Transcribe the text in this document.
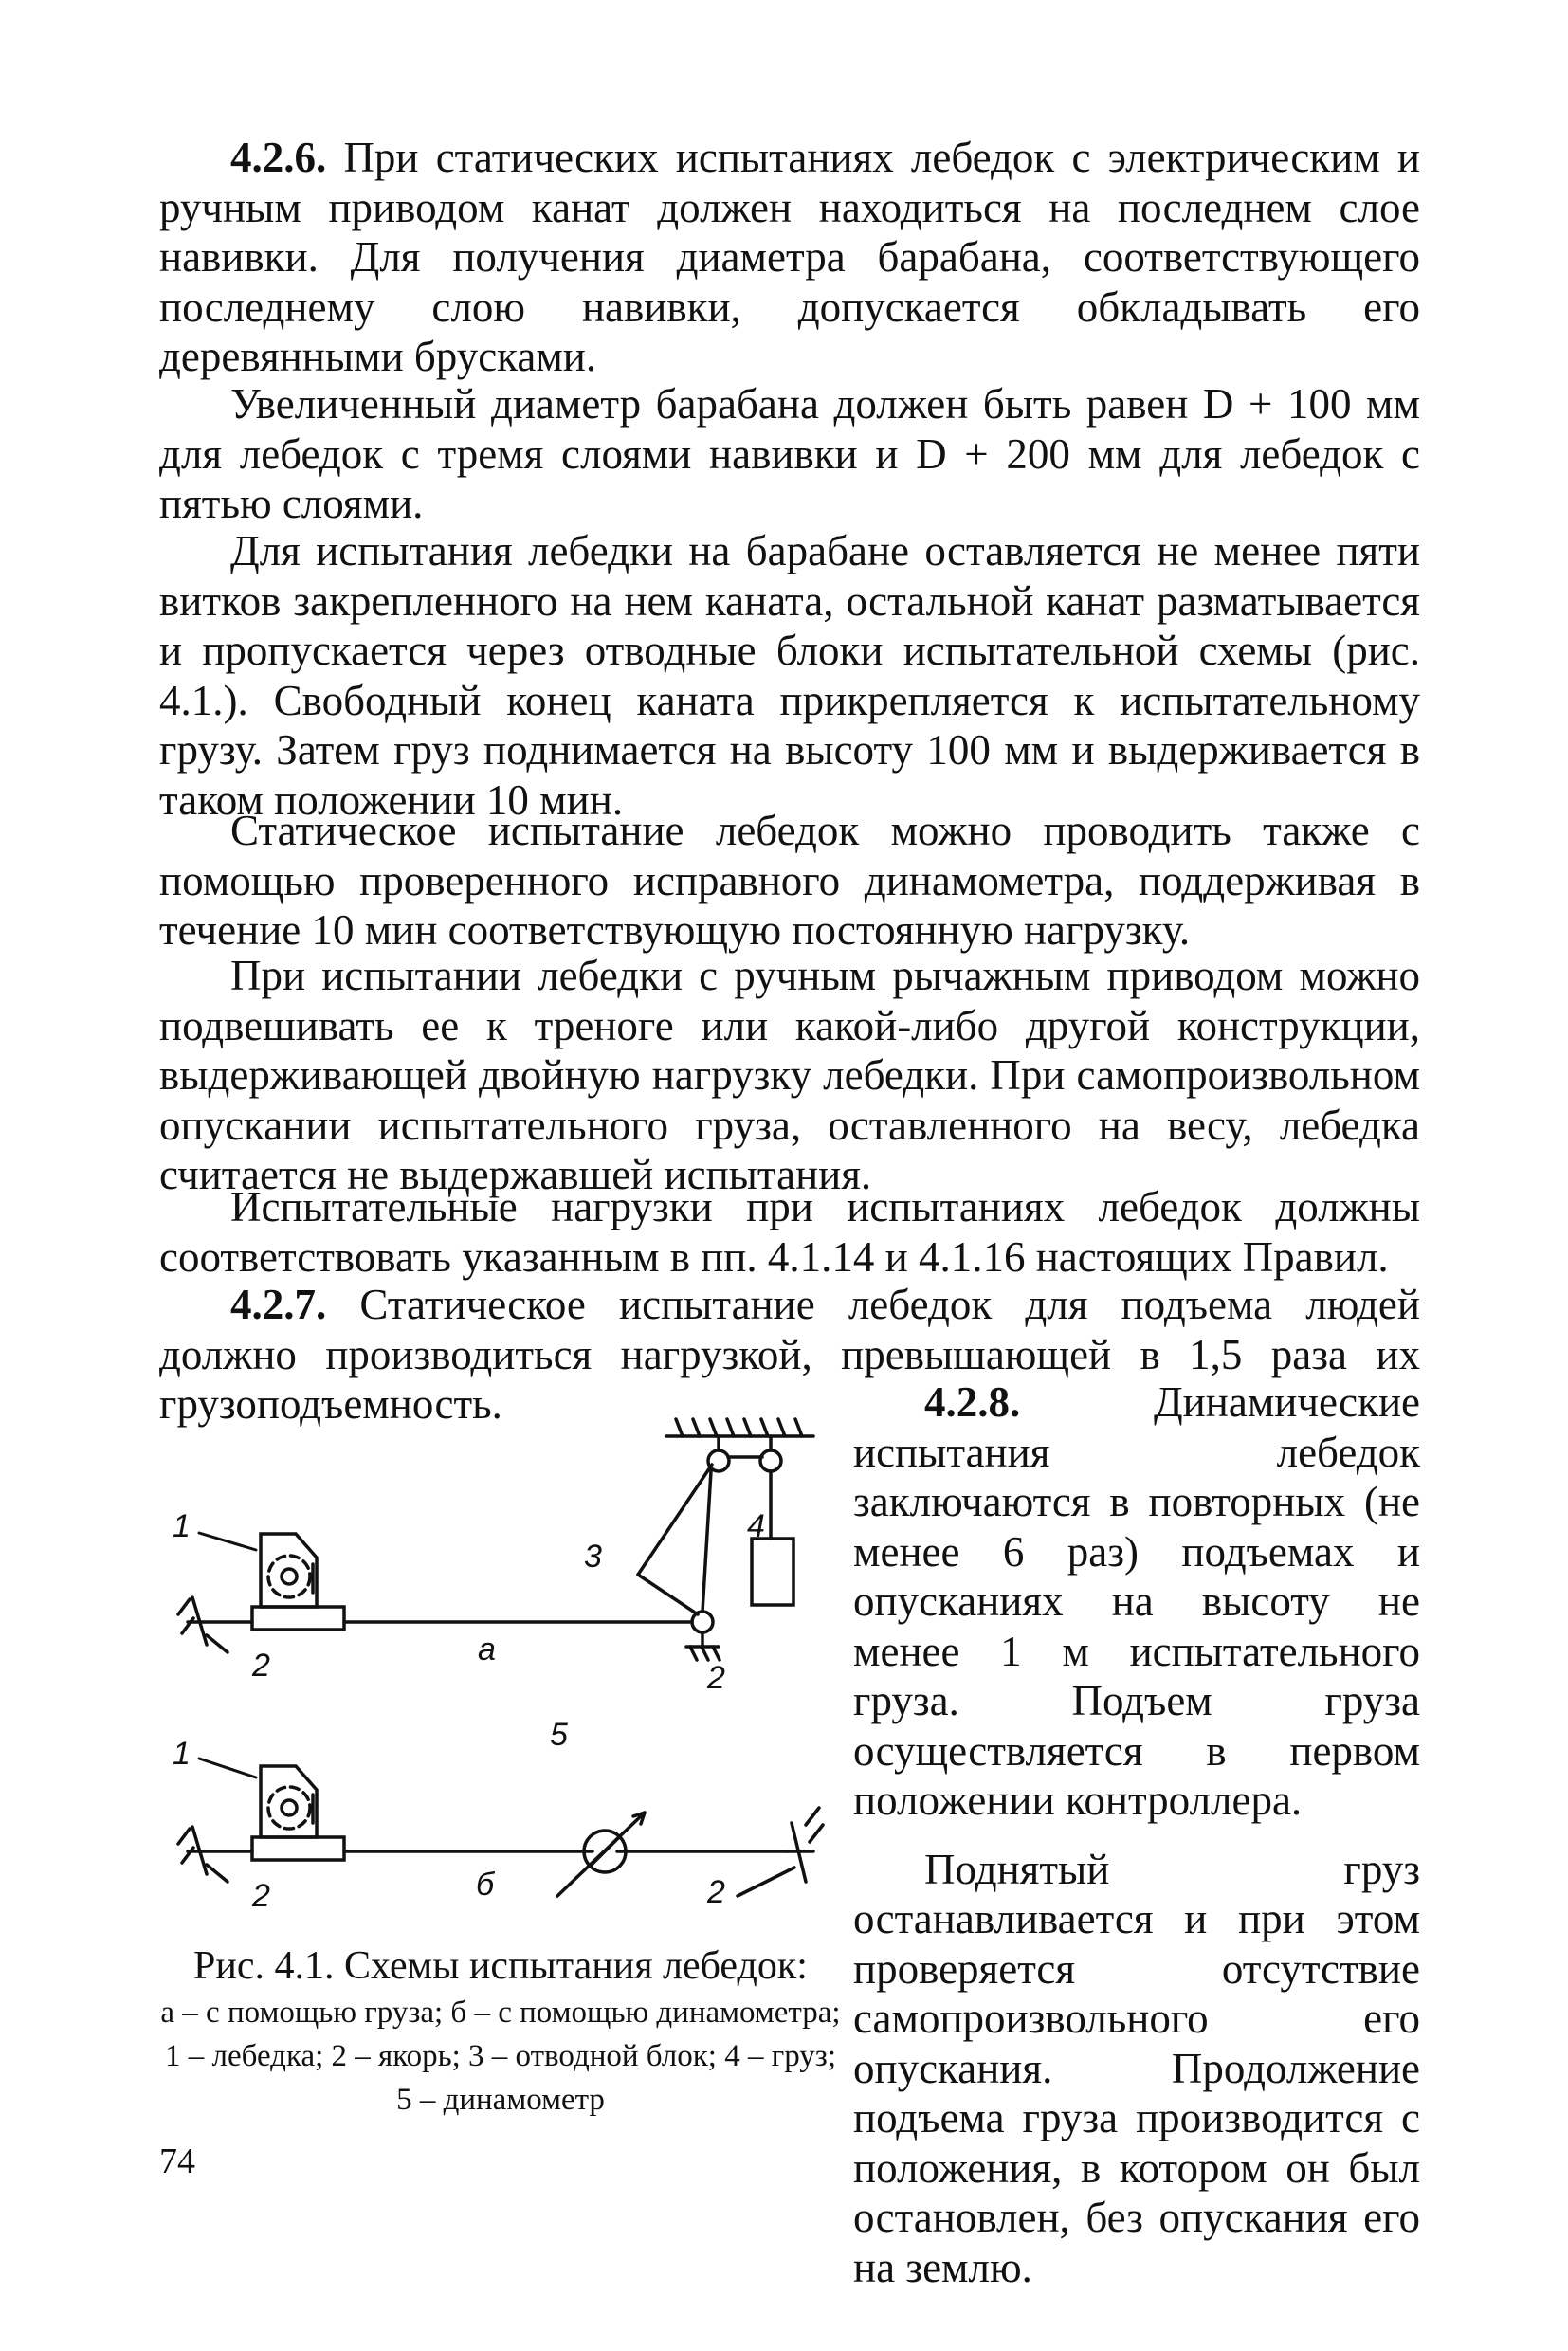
4.2.6. При статических испытаниях лебедок с электрическим и ручным приводом канат должен находиться на последнем слое навивки. Для получения диаметра барабана, соответствующего последнему слою навивки, допускается обкладывать его деревянными брусками.

Увеличенный диаметр барабана должен быть равен D + 100 мм для лебедок с тремя слоями навивки и D + 200 мм для лебедок с пятью слоями.

Для испытания лебедки на барабане оставляется не менее пяти витков закрепленного на нем каната, остальной канат разматывается и пропускается через отводные блоки испытательной схемы (рис. 4.1.). Свободный конец каната прикрепляется к испытательному грузу. Затем груз поднимается на высоту 100 мм и выдерживается в таком положении 10 мин.

Статическое испытание лебедок можно проводить также с помощью проверенного исправного динамометра, поддерживая в течение 10 мин соответствующую постоянную нагрузку.

При испытании лебедки с ручным рычажным приводом можно подвешивать ее к треноге или какой-либо другой конструкции, выдерживающей двойную нагрузку лебедки. При самопроизвольном опускании испытательного груза, оставленного на весу, лебедка считается не выдержавшей испытания.

Испытательные нагрузки при испытаниях лебедок должны соответствовать указанным в пп. 4.1.14 и 4.1.16 настоящих Правил.

4.2.7. Статическое испытание лебедок для подъема людей должно производиться нагрузкой, превышающей в 1,5 раза их грузоподъемность.

1
2	а
3
4
2
1
2
5
б	2

Рис. 4.1. Схемы испытания лебедок:
а – с помощью груза; б – с помощью динамометра; 1 – лебедка; 2 – якорь; 3 – отводной блок; 4 – груз; 5 – динамометр

4.2.8. Динамические испытания лебедок заключаются в повторных (не менее 6 раз) подъемах и опусканиях на высоту не менее 1 м испытательного груза. Подъем груза осуществляется в первом положении контроллера.

Поднятый груз останавливается и при этом проверяется отсутствие самопроизвольного его опускания. Продолжение подъема груза производится с положения, в котором он был остановлен, без опускания его на землю.

74
